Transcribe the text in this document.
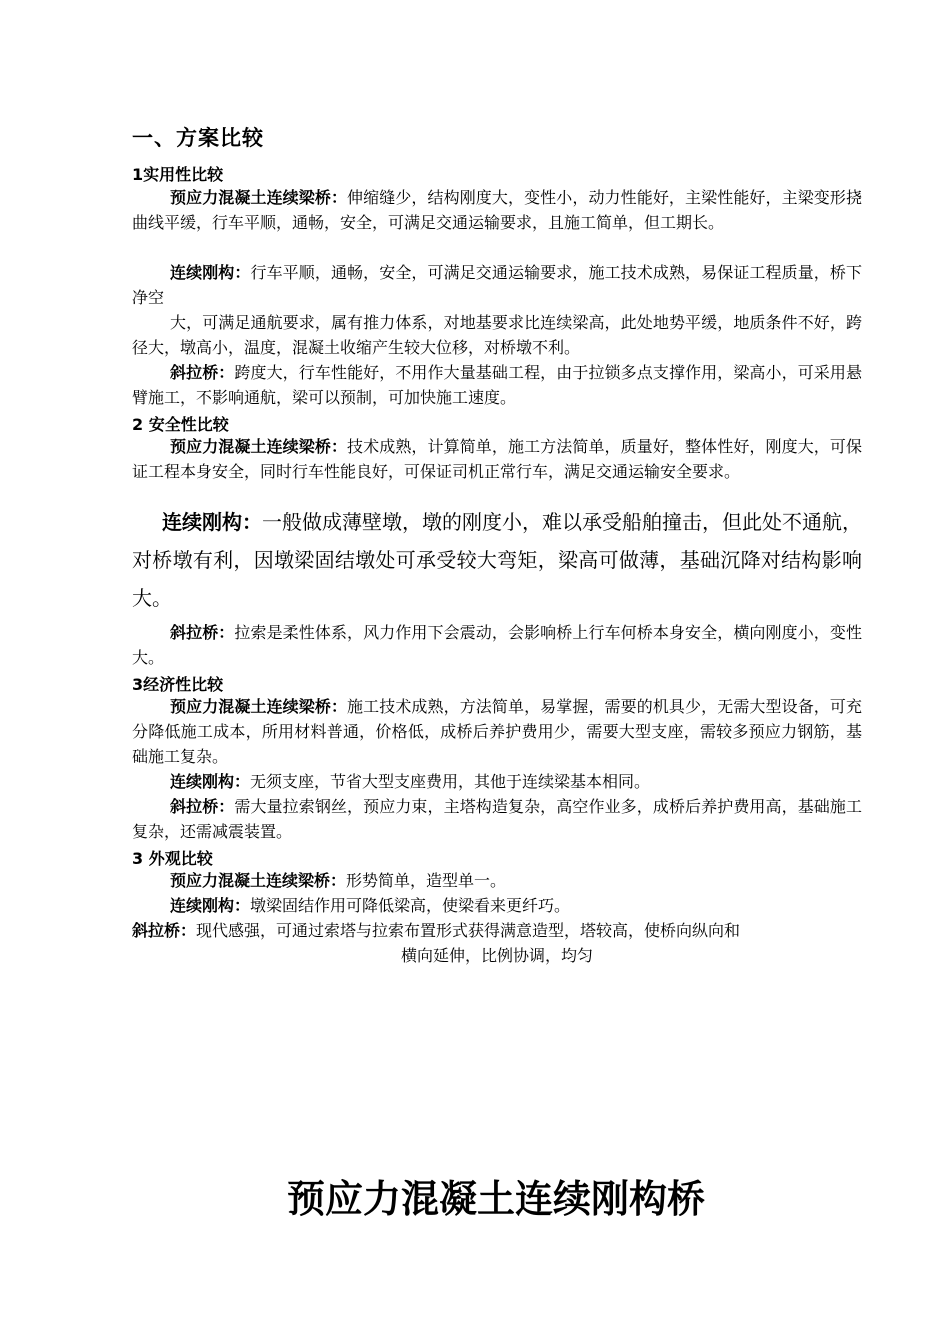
一、方案比较
1实用性比较

预应力混凝土连续梁桥：伸缩缝少，结构刚度大，变性小，动力性能好，主梁性能好，主梁变形挠曲线平缓，行车平顺，通畅，安全，可满足交通运输要求，且施工简单，但工期长。

连续刚构：行车平顺，通畅，安全，可满足交通运输要求，施工技术成熟，易保证工程质量，桥下净空

大，可满足通航要求，属有推力体系，对地基要求比连续梁高，此处地势平缓，地质条件不好，跨径大，墩高小，温度，混凝土收缩产生较大位移，对桥墩不利。

斜拉桥：跨度大，行车性能好，不用作大量基础工程，由于拉锁多点支撑作用，梁高小，可采用悬臂施工，不影响通航，梁可以预制，可加快施工速度。

2 安全性比较

预应力混凝土连续梁桥：技术成熟，计算简单，施工方法简单，质量好，整体性好，刚度大，可保证工程本身安全，同时行车性能良好，可保证司机正常行车，满足交通运输安全要求。

连续刚构：一般做成薄壁墩，墩的刚度小，难以承受船舶撞击，但此处不通航，对桥墩有利，因墩梁固结墩处可承受较大弯矩，梁高可做薄，基础沉降对结构影响大。

斜拉桥：拉索是柔性体系，风力作用下会震动，会影响桥上行车何桥本身安全，横向刚度小，变性大。

3经济性比较

预应力混凝土连续梁桥：施工技术成熟，方法简单，易掌握，需要的机具少，无需大型设备，可充分降低施工成本，所用材料普通，价格低，成桥后养护费用少，需要大型支座，需较多预应力钢筋，基础施工复杂。

连续刚构：无须支座，节省大型支座费用，其他于连续梁基本相同。

斜拉桥：需大量拉索钢丝，预应力束，主塔构造复杂，高空作业多，成桥后养护费用高，基础施工复杂，还需减震装置。

3 外观比较

预应力混凝土连续梁桥：形势简单，造型单一。

连续刚构：墩梁固结作用可降低梁高，使梁看来更纤巧。

斜拉桥：现代感强，可通过索塔与拉索布置形式获得满意造型，塔较高，使桥向纵向和

横向延伸，比例协调，均匀

预应力混凝土连续刚构桥
